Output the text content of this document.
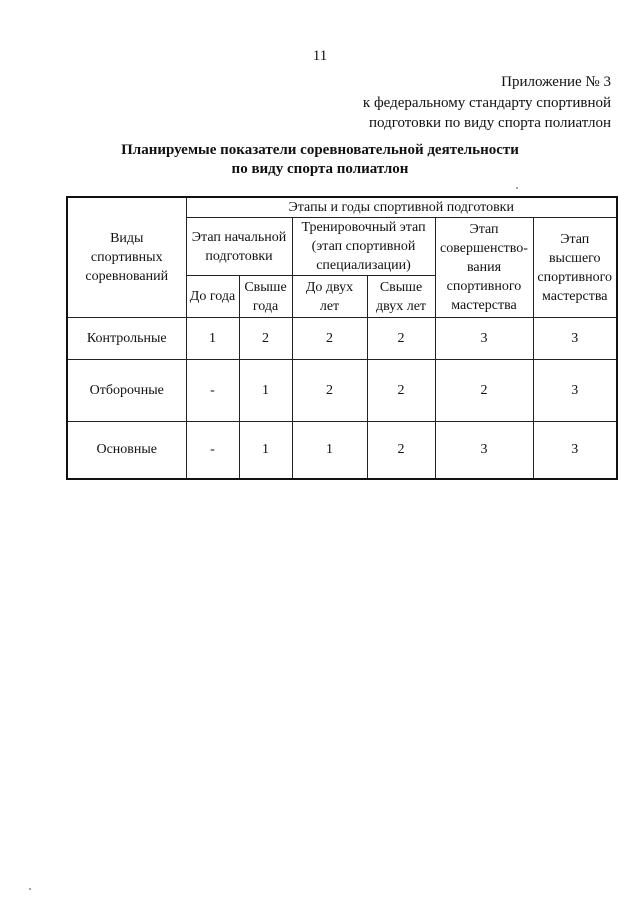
11
Приложение № 3
к федеральному стандарту спортивной
подготовки по виду спорта полиатлон
Планируемые показатели соревновательной деятельности
по виду спорта полиатлон
Виды спортивных соревнований	Этапы и годы спортивной подготовки					
	Этап начальной подготовки		Тренировочный этап (этап спортивной специализации)		Этап совершенство-вания спортивного мастерства	Этап высшего спортивного мастерства
	До года	Свыше года	До двух лет	Свыше двух лет		
Контрольные	1	2	2	2	3	3
Отборочные	-	1	2	2	2	3
Основные	-	1	1	2	3	3
